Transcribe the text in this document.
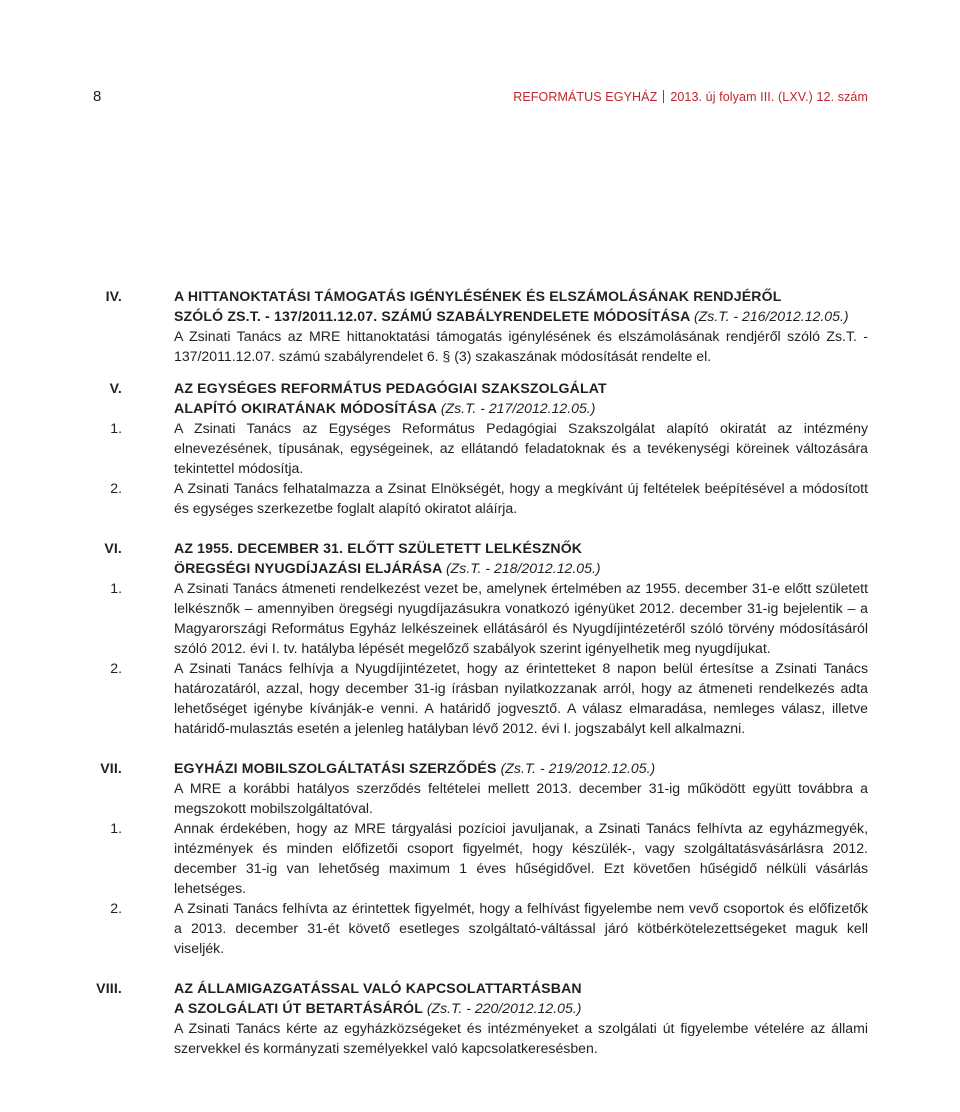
8	REFORMÁTUS EGYHÁZ 2013. új folyam III. (LXV.) 12. szám
IV.	A HITTANOKTATÁSI TÁMOGATÁS IGÉNYLÉSÉNEK ÉS ELSZÁMOLÁSÁNAK RENDJÉRŐL
SZÓLÓ ZS.T. - 137/2011.12.07. SZÁMÚ SZABÁLYRENDELETE MÓDOSÍTÁSA (Zs.T. - 216/2012.12.05.)
A Zsinati Tanács az MRE hittanoktatási támogatás igénylésének és elszámolásának rendjéről szóló Zs.T. - 137/2011.12.07. számú szabályrendelet 6. § (3) szakaszának módosítását rendelte el.
V.	AZ EGYSÉGES REFORMÁTUS PEDAGÓGIAI SZAKSZOLGÁLAT
ALAPÍTÓ OKIRATÁNAK MÓDOSÍTÁSA (Zs.T. - 217/2012.12.05.)
1.	A Zsinati Tanács az Egységes Református Pedagógiai Szakszolgálat alapító okiratát az intézmény elnevezésének, típusának, egységeinek, az ellátandó feladatoknak és a tevékenységi köreinek változására tekintettel módosítja.
2.	A Zsinati Tanács felhatalmazza a Zsinat Elnökségét, hogy a megkívánt új feltételek beépítésével a módosított és egységes szerkezetbe foglalt alapító okiratot aláírja.
VI.	AZ 1955. DECEMBER 31. ELŐTT SZÜLETETT LELKÉSZNŐK
ÖREGSÉGI NYUGDÍJAZÁSI ELJÁRÁSA (Zs.T. - 218/2012.12.05.)
1.	A Zsinati Tanács átmeneti rendelkezést vezet be, amelynek értelmében az 1955. december 31-e előtt született lelkésznők – amennyiben öregségi nyugdíjazásukra vonatkozó igényüket 2012. december 31-ig bejelentik – a Magyarországi Református Egyház lelkészeinek ellátásáról és Nyugdíjintézetéről szóló törvény módosításáról szóló 2012. évi I. tv. hatályba lépését megelőző szabályok szerint igényelhetik meg nyugdíjukat.
2.	A Zsinati Tanács felhívja a Nyugdíjintézetet, hogy az érintetteket 8 napon belül értesítse a Zsinati Tanács határozatáról, azzal, hogy december 31-ig írásban nyilatkozzanak arról, hogy az átmeneti rendelkezés adta lehetőséget igénybe kívánják-e venni. A határidő jogvesztő. A válasz elmaradása, nemleges válasz, illetve határidő-mulasztás esetén a jelenleg hatályban lévő 2012. évi I. jogszabályt kell alkalmazni.
VII.	EGYHÁZI MOBILSZOLGÁLTATÁSI SZERZŐDÉS (Zs.T. - 219/2012.12.05.)
A MRE a korábbi hatályos szerződés feltételei mellett 2013. december 31-ig működött együtt továbbra a megszokott mobilszolgáltatóval.
1.	Annak érdekében, hogy az MRE tárgyalási pozícioi javuljanak, a Zsinati Tanács felhívta az egyházmegyék, intézmények és minden előfizetői csoport figyelmét, hogy készülék-, vagy szolgáltatásvásárlásra 2012. december 31-ig van lehetőség maximum 1 éves hűségidővel. Ezt követően hűségidő nélküli vásárlás lehetséges.
2.	A Zsinati Tanács felhívta az érintettek figyelmét, hogy a felhívást figyelembe nem vevő csoportok és előfizetők a 2013. december 31-ét követő esetleges szolgáltató-váltással járó kötbérkötelezettségeket maguk kell viseljék.
VIII.	AZ ÁLLAMIGAZGATÁSSAL VALÓ KAPCSOLATTARTÁSBAN
A SZOLGÁLATI ÚT BETARTÁSÁRÓL (Zs.T. - 220/2012.12.05.)
A Zsinati Tanács kérte az egyházközségeket és intézményeket a szolgálati út figyelembe vételére az állami szervekkel és kormányzati személyekkel való kapcsolatkeresésben.
